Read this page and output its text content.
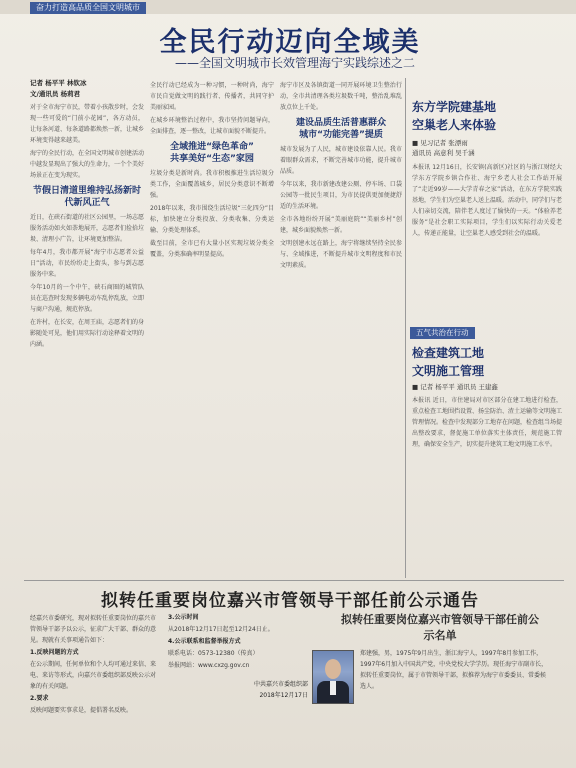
奋力打造高品质全国文明城市
全民行动迈向全域美
——全国文明城市长效管理海宁实践综述之二
记者 杨平平 林钦冰
文/通讯员 杨莉君

对于全市海宁市民，带着小孩散步时，会发现一些可爱的“门前小花园”，各方动员，让每条河道、每条道路都焕然一新，让城乡环境变得越来越美。

海宁的全民行动，在全国文明城市创建活动中越发显现出了强大的生命力，一个个美好场景正在变为现实。

节假日清道里维持弘扬新时代新风正气

近日，在硖石街道的社区公园里，一场志愿服务活动如火如荼地展开，志愿者们捡拾垃圾、清理小广告，让环境更加整洁。

每年4月，我市都开展“海宁市志愿者公益日”活动，市民纷纷走上街头，参与到志愿服务中来。

今年10月的一个中午，硖石商圈的城管队员在巡查时发现多辆电动车乱停乱放，立即与商户沟通，规范停放。

在许村，在长安，在周王庙，志愿者们的身影随处可见，他们用实际行动诠释着文明的内涵。

全民行动已经成为一种习惯，一种时尚，海宁市民自觉做文明的践行者、传播者，共同守护美丽家园。

在城乡环境整治过程中，我市坚持问题导向，全面排查，逐一整改，让城市面貌不断提升。

全域推进“绿色革命”
共享美好“生态”家园

垃圾分类是新时尚。我市积极推进生活垃圾分类工作，全面覆盖城乡，居民分类意识不断增强。

2018年以来，我市围绕生活垃圾“三化四分”目标，加快建立分类投放、分类收集、分类运输、分类处理体系。

截至目前，全市已有大量小区实现垃圾分类全覆盖，分类准确率明显提高。

海宁市区及各镇街道一同开展环境卫生整治行动，全市共清理各类垃圾数千吨，整治乱堆乱放点位上千处。

建设品质生活普惠群众
城市“功能完善”提质

城市发展为了人民，城市建设依靠人民。我市着眼群众需求，不断完善城市功能，提升城市品质。

今年以来，我市新建改建公厕、停车场、口袋公园等一批民生项目，为市民提供更加便捷舒适的生活环境。

全市各地纷纷开展“美丽庭院”“美丽乡村”创建，城乡面貌焕然一新。

文明创建永远在路上，海宁将继续坚持全民参与、全域推进，不断提升城市文明程度和市民文明素质。

东方学院建基地
空巢老人来体验
■ 见习记者 张漂雨
通讯员 高意利 吴千涵
本报讯 12月16日，长安镇(高新区)社区的与浙江财经大学东方学院乡镇合作社、海宁乡老人社会工作站开展了“走近99岁——大学青春之家”活动，在东方学院实践基地，学生们为空巢老人送上温暖。活动中，同学们与老人们亲切交流，陪伴老人度过了愉快的一天。“体验养老服务”是社会职工实际项目，学生们以实际行动关爱老人，传递正能量，让空巢老人感受到社会的温暖。
五气共治在行动
检查建筑工地
文明施工管理
■ 记者 杨平平 通讯员 王建鑫
本报讯 近日，市住建局对市区部分在建工地进行检查，重点检查工地围挡设置、扬尘防治、渣土运输等文明施工管理情况。检查中发现部分工地存在问题，检查组当场提出整改要求，督促施工单位落实主体责任，规范施工管理，确保安全生产，切实提升建筑工地文明施工水平。
拟转任重要岗位嘉兴市管领导干部任前公示通告

经嘉兴市委研究，现对拟转任重要岗位的嘉兴市管领导干部予以公示，征求广大干部、群众的意见。现就有关事项通告如下：

1.反映问题的方式

在公示期间，任何单位和个人均可通过来信、来电、来访等形式，向嘉兴市委组织部反映公示对象的有关问题。

2.要求

反映问题要实事求是，提倡署名反映。

3.公示时间

从2018年12月17日起至12月24日止。

4.公示联系和监督举报方式

联系电话：0573-12380（传真）

举报网站：www.cxzg.gov.cn

中共嘉兴市委组织部
2018年12月17日
拟转任重要岗位嘉兴市管领导干部任前公示名单
郑建强，男，1975年9月出生，浙江海宁人，1997年8月参加工作，1997年6月加入中国共产党，中央党校大学学历。现任海宁市副市长，拟转任重要岗位，属于市管领导干部，拟推荐为海宁市委委员、常委候选人。
